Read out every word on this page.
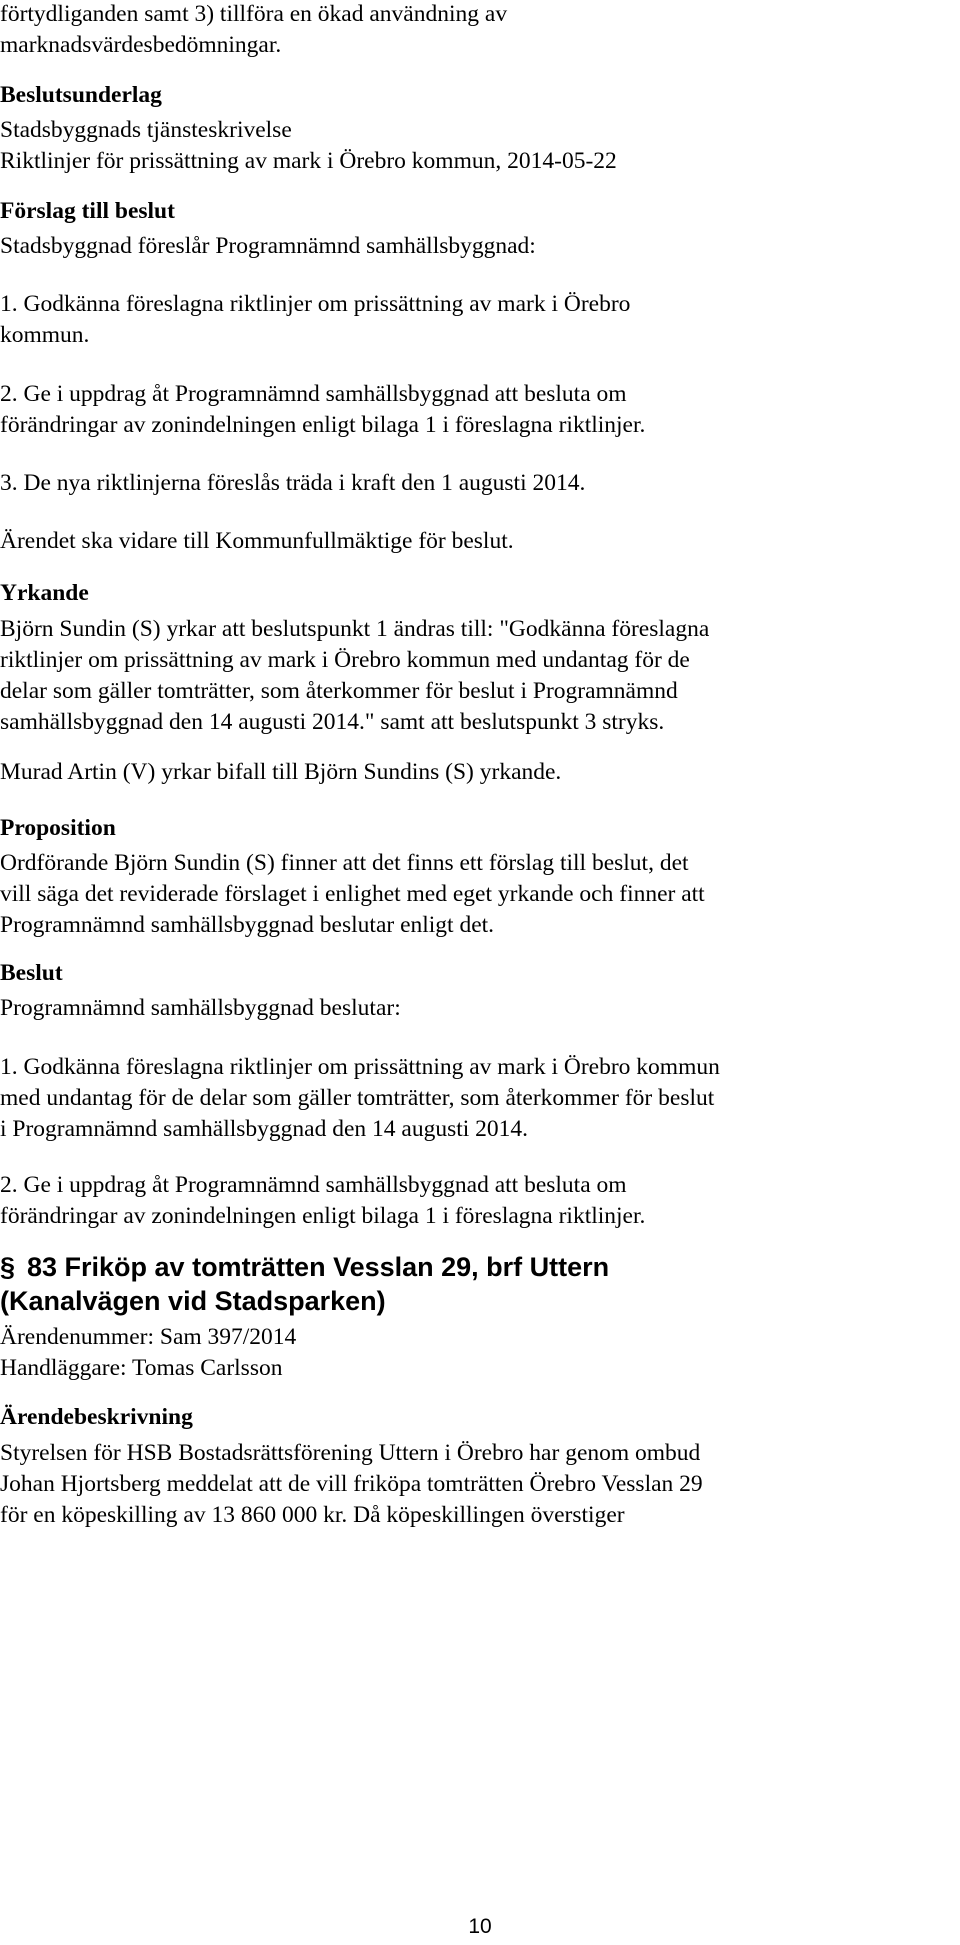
förtydliganden samt 3) tillföra en ökad användning av
marknadsvärdesbedömningar.
Beslutsunderlag
Stadsbyggnads tjänsteskrivelse
Riktlinjer för prissättning av mark i Örebro kommun, 2014-05-22
Förslag till beslut
Stadsbyggnad föreslår Programnämnd samhällsbyggnad:
1. Godkänna föreslagna riktlinjer om prissättning av mark i Örebro
kommun.
2. Ge i uppdrag åt Programnämnd samhällsbyggnad att besluta om
förändringar av zonindelningen enligt bilaga 1 i föreslagna riktlinjer.
3. De nya riktlinjerna föreslås träda i kraft den 1 augusti 2014.
Ärendet ska vidare till Kommunfullmäktige för beslut.
Yrkande
Björn Sundin (S) yrkar att beslutspunkt 1 ändras till: "Godkänna föreslagna
riktlinjer om prissättning av mark i Örebro kommun med undantag för de
delar som gäller tomträtter, som återkommer för beslut i Programnämnd
samhällsbyggnad den 14 augusti 2014." samt att beslutspunkt 3 stryks.
Murad Artin (V) yrkar bifall till Björn Sundins (S) yrkande.
Proposition
Ordförande Björn Sundin (S) finner att det finns ett förslag till beslut, det
vill säga det reviderade förslaget i enlighet med eget yrkande och finner att
Programnämnd samhällsbyggnad beslutar enligt det.
Beslut
Programnämnd samhällsbyggnad beslutar:
1. Godkänna föreslagna riktlinjer om prissättning av mark i Örebro kommun
med undantag för de delar som gäller tomträtter, som återkommer för beslut
i Programnämnd samhällsbyggnad den 14 augusti 2014.
2. Ge i uppdrag åt Programnämnd samhällsbyggnad att besluta om
förändringar av zonindelningen enligt bilaga 1 i föreslagna riktlinjer.
§ 83 Friköp av tomträtten Vesslan 29, brf Uttern
(Kanalvägen vid Stadsparken)
Ärendenummer: Sam 397/2014
Handläggare: Tomas Carlsson
Ärendebeskrivning
Styrelsen för HSB Bostadsrättsförening Uttern i Örebro har genom ombud
Johan Hjortsberg meddelat att de vill friköpa tomträtten Örebro Vesslan 29
för en köpeskilling av 13 860 000 kr. Då köpeskillingen överstiger
10
